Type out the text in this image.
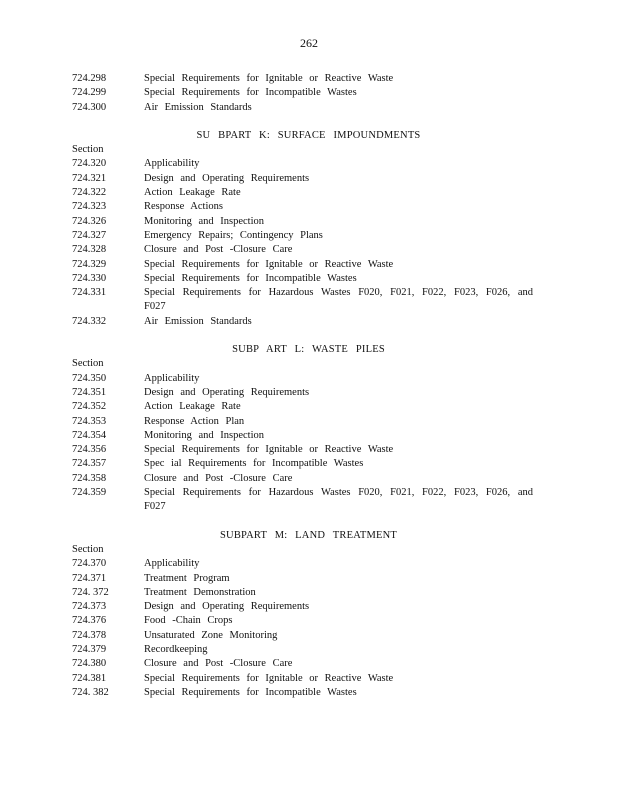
262
724.298	Special Requirements for Ignitable or Reactive Waste
724.299	Special Requirements for Incompatible Wastes
724.300	Air Emission Standards
SU BPART K: SURFACE IMPOUNDMENTS
Section
724.320	Applicability
724.321	Design and Operating Requirements
724.322	Action Leakage Rate
724.323	Response Actions
724.326	Monitoring and Inspection
724.327	Emergency Repairs; Contingency Plans
724.328	Closure and Post -Closure Care
724.329	Special Requirements for Ignitable or Reactive Waste
724.330	Special Requirements for Incompatible Wastes
724.331	Special Requirements for Hazardous Wastes F020, F021, F022, F023, F026, and F027
724.332	Air Emission Standards
SUBP ART L: WASTE PILES
Section
724.350	Applicability
724.351	Design and Operating Requirements
724.352	Action Leakage Rate
724.353	Response Action Plan
724.354	Monitoring and Inspection
724.356	Special Requirements for Ignitable or Reactive Waste
724.357	Spec ial Requirements for Incompatible Wastes
724.358	Closure and Post -Closure Care
724.359	Special Requirements for Hazardous Wastes F020, F021, F022, F023, F026, and F027
SUBPART M: LAND TREATMENT
Section
724.370	Applicability
724.371	Treatment Program
724. 372	Treatment Demonstration
724.373	Design and Operating Requirements
724.376	Food -Chain Crops
724.378	Unsaturated Zone Monitoring
724.379	Recordkeeping
724.380	Closure and Post -Closure Care
724.381	Special Requirements for Ignitable or Reactive Waste
724. 382	Special Requirements for Incompatible Wastes
